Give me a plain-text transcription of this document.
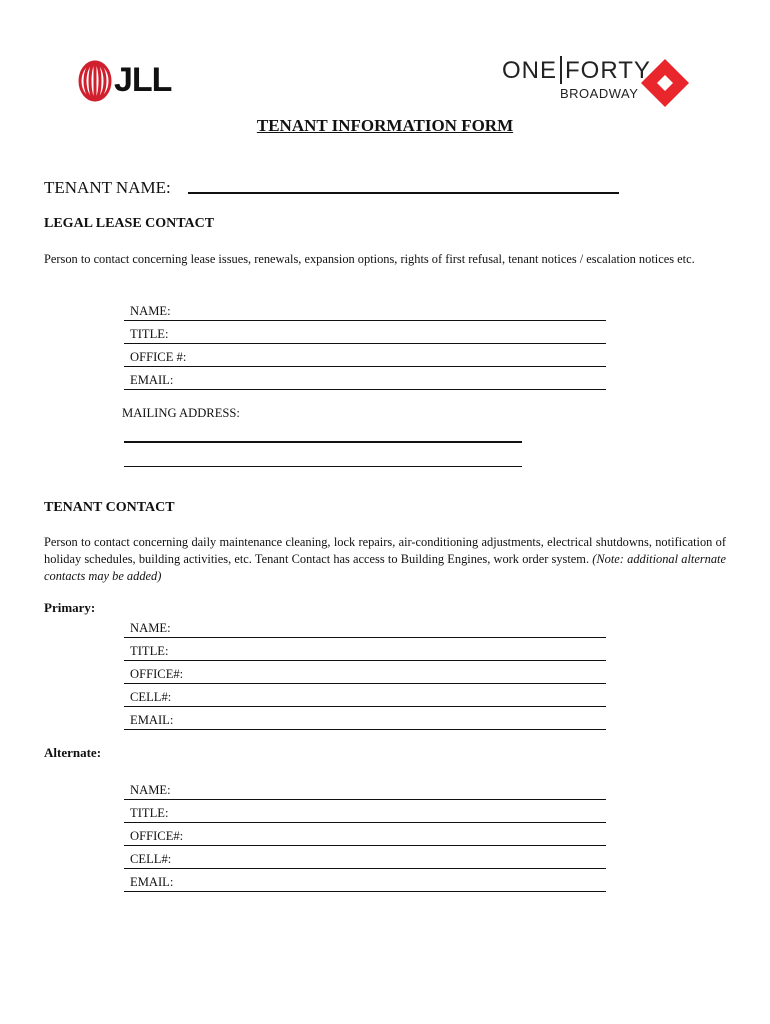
JLL	ONE FORTY
BROADWAY
TENANT INFORMATION FORM
TENANT NAME:
LEGAL LEASE CONTACT
Person to contact concerning lease issues, renewals, expansion options, rights of first refusal, tenant notices / escalation notices etc.
NAME:
TITLE:
OFFICE #:
EMAIL:
MAILING ADDRESS:
TENANT CONTACT
Person to contact concerning daily maintenance cleaning, lock repairs, air-conditioning adjustments, electrical shutdowns, notification of holiday schedules, building activities, etc. Tenant Contact has access to Building Engines, work order system. (Note: additional alternate contacts may be added)
Primary:
NAME:
TITLE:
OFFICE#:
CELL#:
EMAIL:
Alternate:
NAME:
TITLE:
OFFICE#:
CELL#:
EMAIL:
